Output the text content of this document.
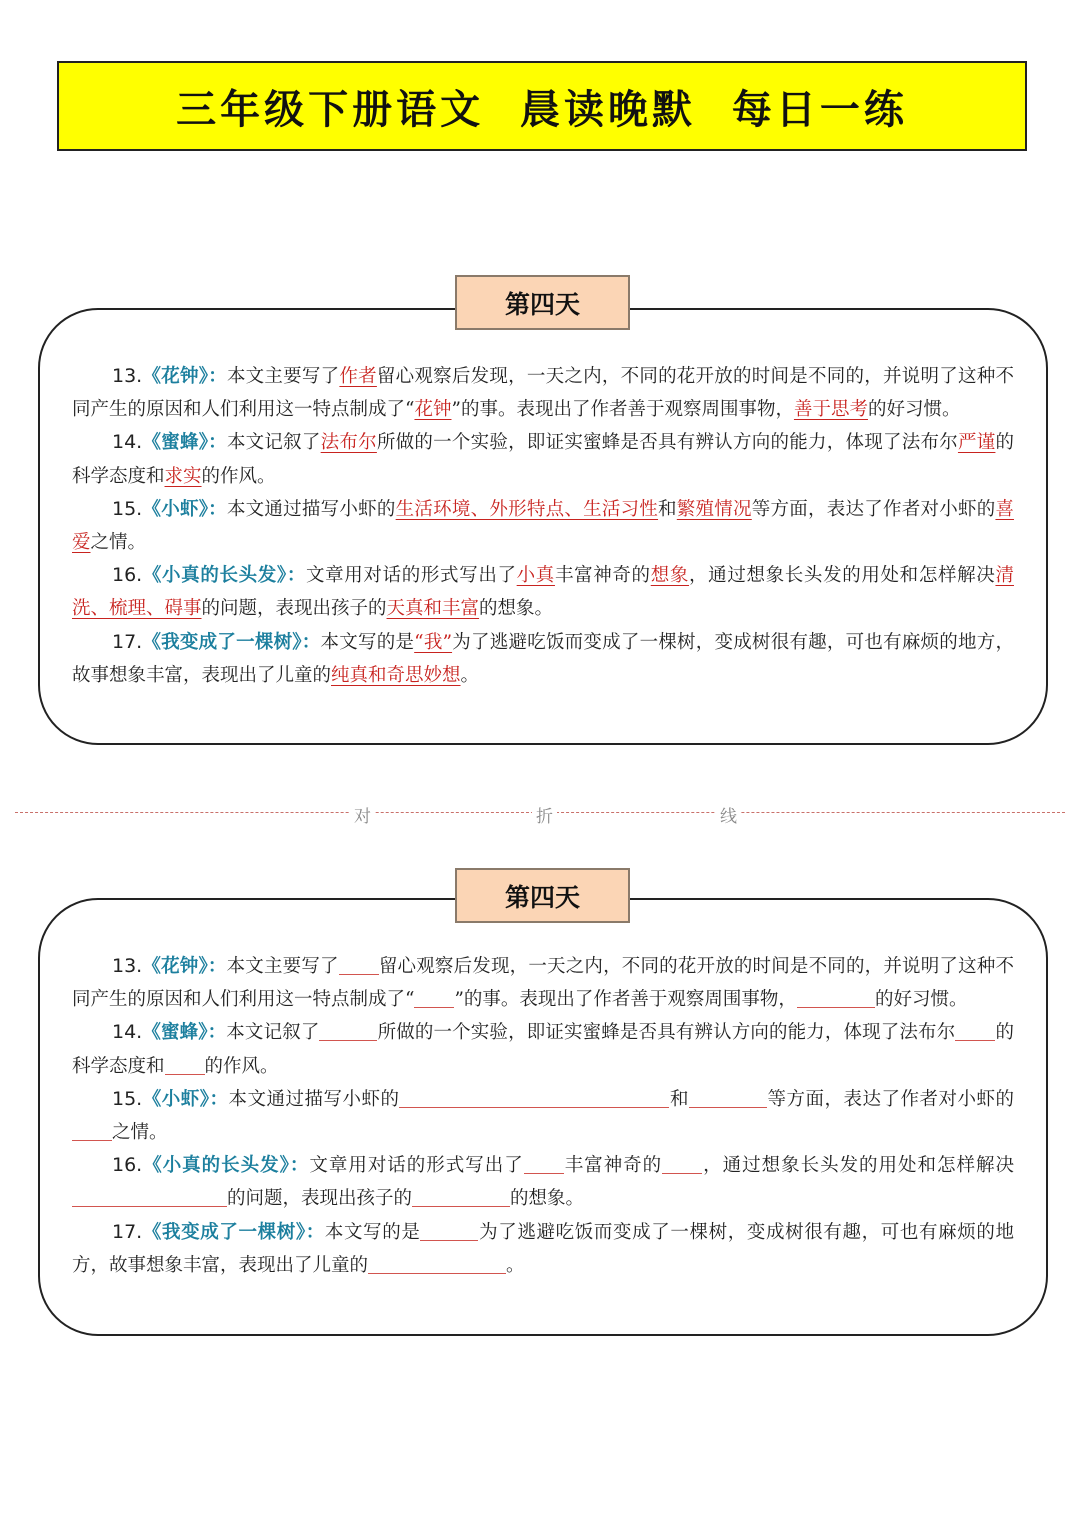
三年级下册语文  晨读晚默  每日一练

13.《花钟》：本文主要写了作者留心观察后发现，一天之内，不同的花开放的时间是不同的，并说明了这种不同产生的原因和人们利用这一特点制成了“花钟”的事。表现出了作者善于观察周围事物，善于思考的好习惯。

14.《蜜蜂》：本文记叙了法布尔所做的一个实验，即证实蜜蜂是否具有辨认方向的能力，体现了法布尔严谨的科学态度和求实的作风。

15.《小虾》：本文通过描写小虾的生活环境、外形特点、生活习性和繁殖情况等方面，表达了作者对小虾的喜爱之情。

16.《小真的长头发》：文章用对话的形式写出了小真丰富神奇的想象，通过想象长头发的用处和怎样解决清洗、梳理、碍事的问题，表现出孩子的天真和丰富的想象。

17.《我变成了一棵树》：本文写的是“我”为了逃避吃饭而变成了一棵树，变成树很有趣，可也有麻烦的地方，故事想象丰富，表现出了儿童的纯真和奇思妙想。

第四天
对	折	线

13.《花钟》：本文主要写了 留心观察后发现，一天之内，不同的花开放的时间是不同的，并说明了这种不同产生的原因和人们利用这一特点制成了“ ”的事。表现出了作者善于观察周围事物，	的好习惯。

14.《蜜蜂》：本文记叙了	所做的一个实验，即证实蜜蜂是否具有辨认方向的能力，体现了法布尔 的科学态度和 的作风。

15.《小虾》：本文通过描写小虾的	和	等方面，表达了作者对小虾的之情。

16.《小真的长头发》：文章用对话的形式写出了 丰富神奇的 ，通过想象长头发的用处和怎样解决的问题，表现出孩子的	的想象。

17.《我变成了一棵树》：本文写的是	为了逃避吃饭而变成了一棵树，变成树很有趣，可也有麻烦的地方，故事想象丰富，表现出了儿童的	。

第四天
